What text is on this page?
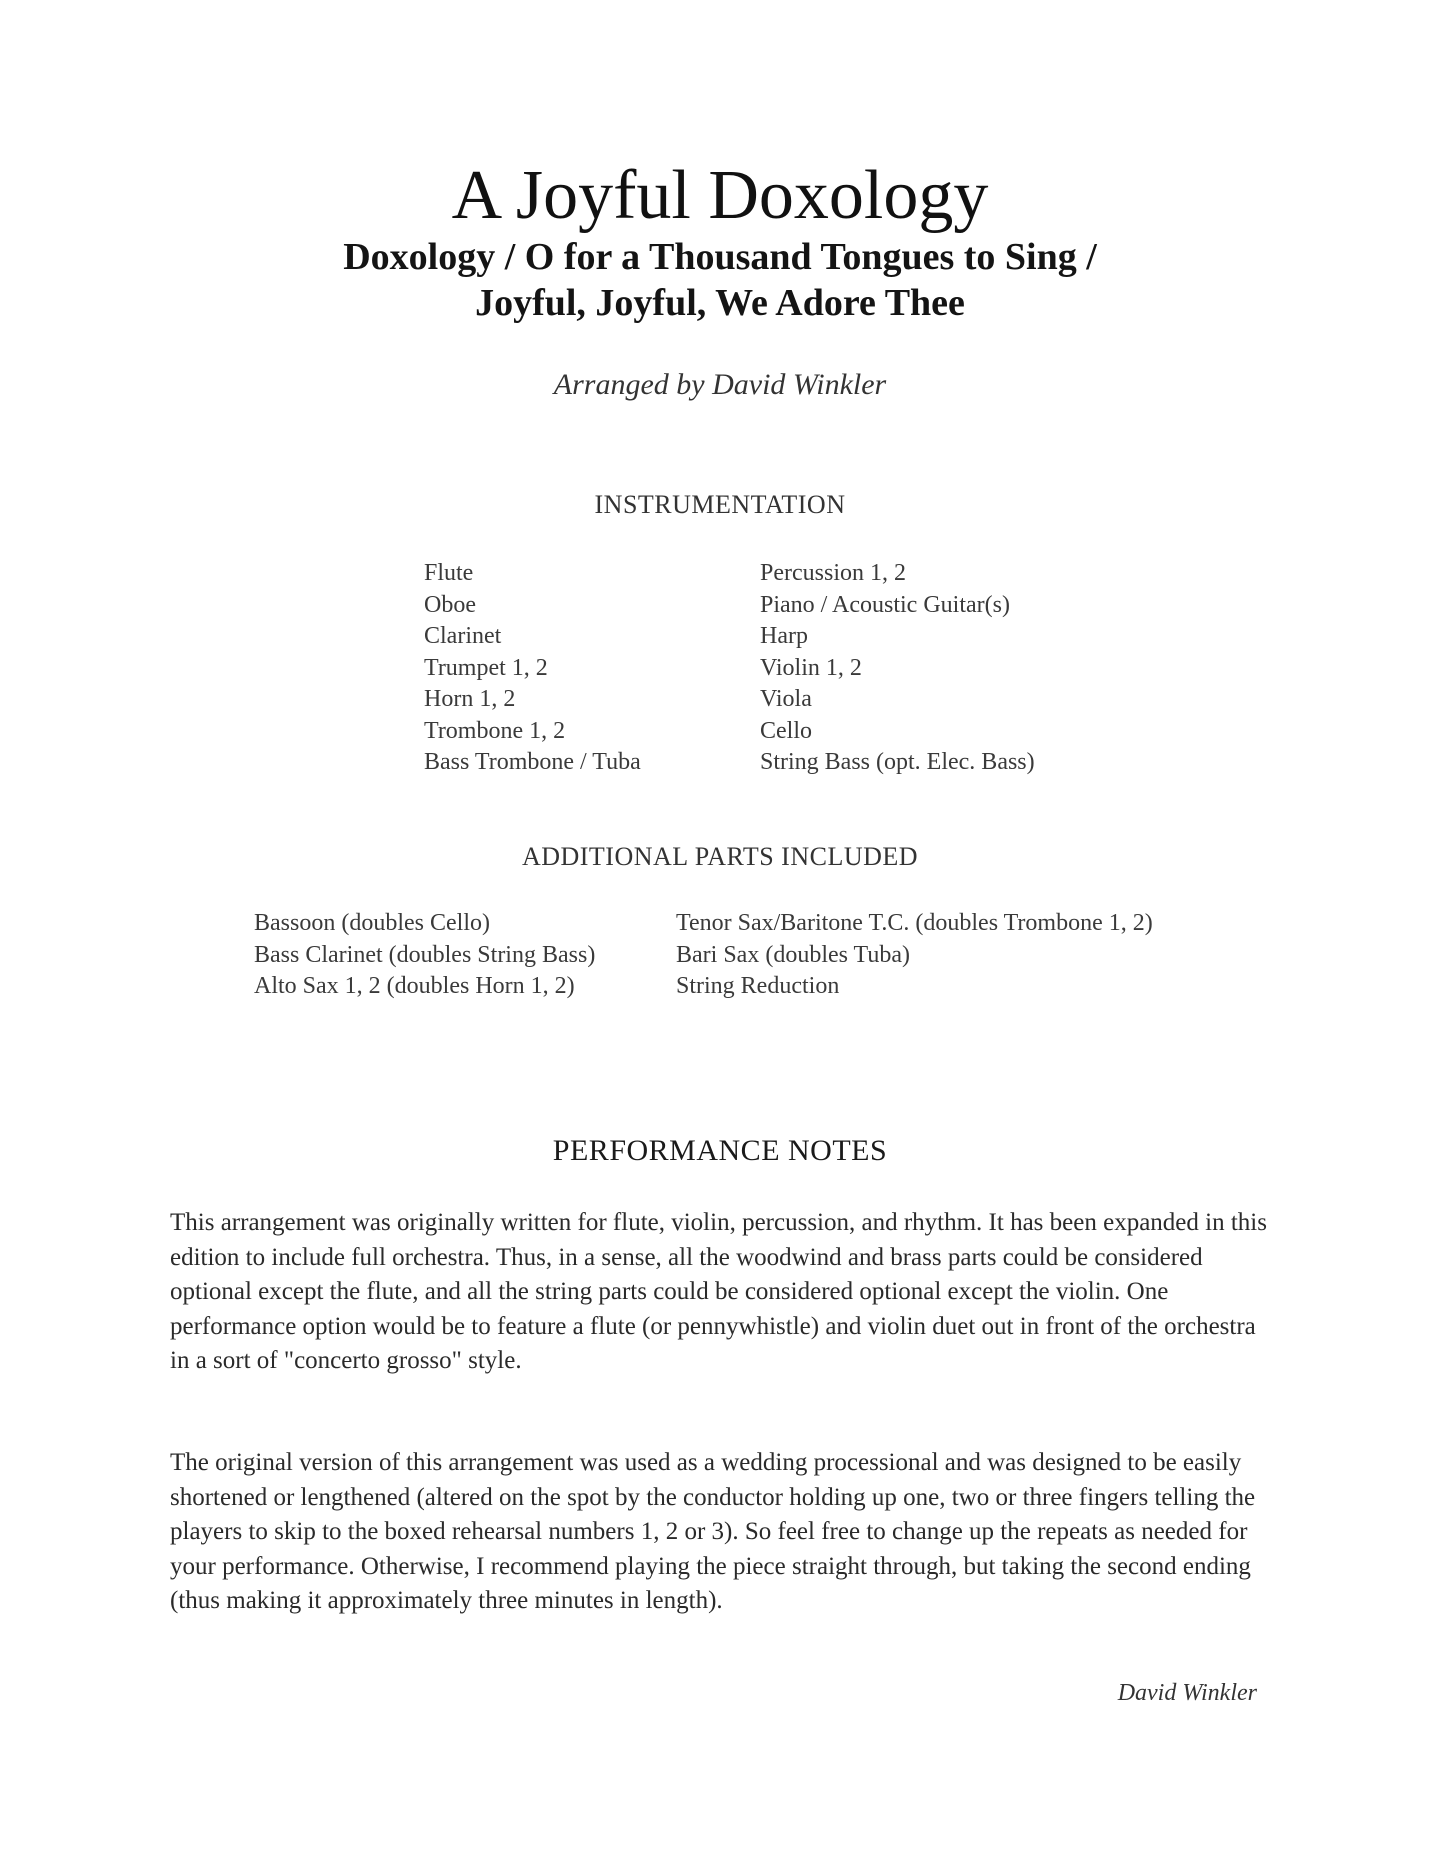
A Joyful Doxology
Doxology / O for a Thousand Tongues to Sing /
Joyful, Joyful, We Adore Thee
Arranged by David Winkler
INSTRUMENTATION
Flute
Oboe
Clarinet
Trumpet 1, 2
Horn 1, 2
Trombone 1, 2
Bass Trombone / Tuba
Percussion 1, 2
Piano / Acoustic Guitar(s)
Harp
Violin 1, 2
Viola
Cello
String Bass (opt. Elec. Bass)
ADDITIONAL PARTS INCLUDED
Bassoon (doubles Cello)
Bass Clarinet (doubles String Bass)
Alto Sax 1, 2 (doubles Horn 1, 2)
Tenor Sax/Baritone T.C. (doubles Trombone 1, 2)
Bari Sax (doubles Tuba)
String Reduction
PERFORMANCE NOTES

This arrangement was originally written for flute, violin, percussion, and rhythm. It has been expanded in this edition to include full orchestra. Thus, in a sense, all the woodwind and brass parts could be considered optional except the flute, and all the string parts could be considered optional except the violin. One performance option would be to feature a flute (or pennywhistle) and violin duet out in front of the orchestra in a sort of "concerto grosso" style.

The original version of this arrangement was used as a wedding processional and was designed to be easily shortened or lengthened (altered on the spot by the conductor holding up one, two or three fingers telling the players to skip to the boxed rehearsal numbers 1, 2 or 3). So feel free to change up the repeats as needed for your performance. Otherwise, I recommend playing the piece straight through, but taking the second ending (thus making it approximately three minutes in length).

David Winkler
